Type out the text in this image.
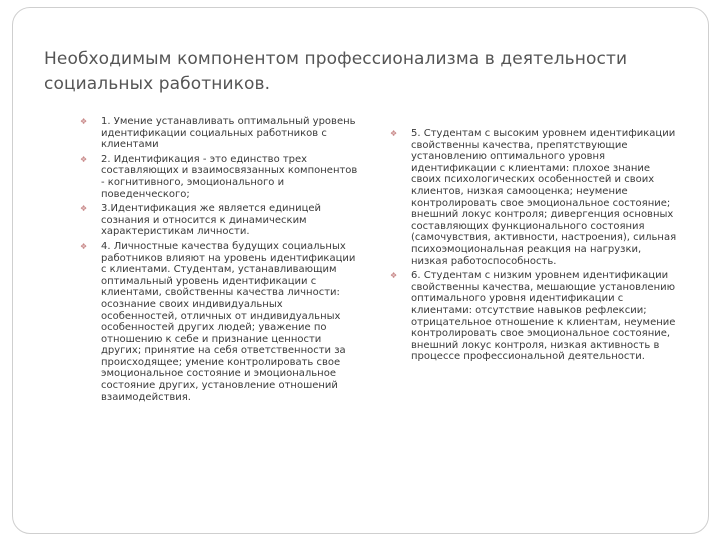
Необходимым компонентом профессионализма в деятельности социальных работников.
❖ 1. Умение устанавливать оптимальный уровень идентификации социальных работников с клиентами
❖ 2. Идентификация - это единство трех составляющих и взаимосвязанных компонентов - когнитивного, эмоционального и поведенческого;
❖ 3.Идентификация же является единицей сознания и относится к динамическим характеристикам личности.
❖ 4. Личностные качества будущих социальных работников влияют на уровень идентификации с клиентами. Студентам, устанавливающим оптимальный уровень идентификации с клиентами, свойственны качества личности: осознание своих индивидуальных особенностей, отличных от индивидуальных особенностей других людей; уважение по отношению к себе и признание ценности других; принятие на себя ответственности за происходящее; умение контролировать свое эмоциональное состояние и эмоциональное состояние других, установление отношений взаимодействия.
❖ 5. Студентам с высоким уровнем идентификации свойственны качества, препятствующие установлению оптимального уровня идентификации с клиентами: плохое знание своих психологических особенностей и своих клиентов, низкая самооценка; неумение контролировать свое эмоциональное состояние; внешний локус контроля; дивергенция основных составляющих функционального состояния (самочувствия, активности, настроения), сильная психоэмоциональная реакция на нагрузки, низкая работоспособность.
❖ 6. Студентам с низким уровнем идентификации свойственны качества, мешающие установлению оптимального уровня идентификации с клиентами: отсутствие навыков рефлексии; отрицательное отношение к клиентам, неумение контролировать свое эмоциональное состояние, внешний локус контроля, низкая активность в процессе профессиональной деятельности.
